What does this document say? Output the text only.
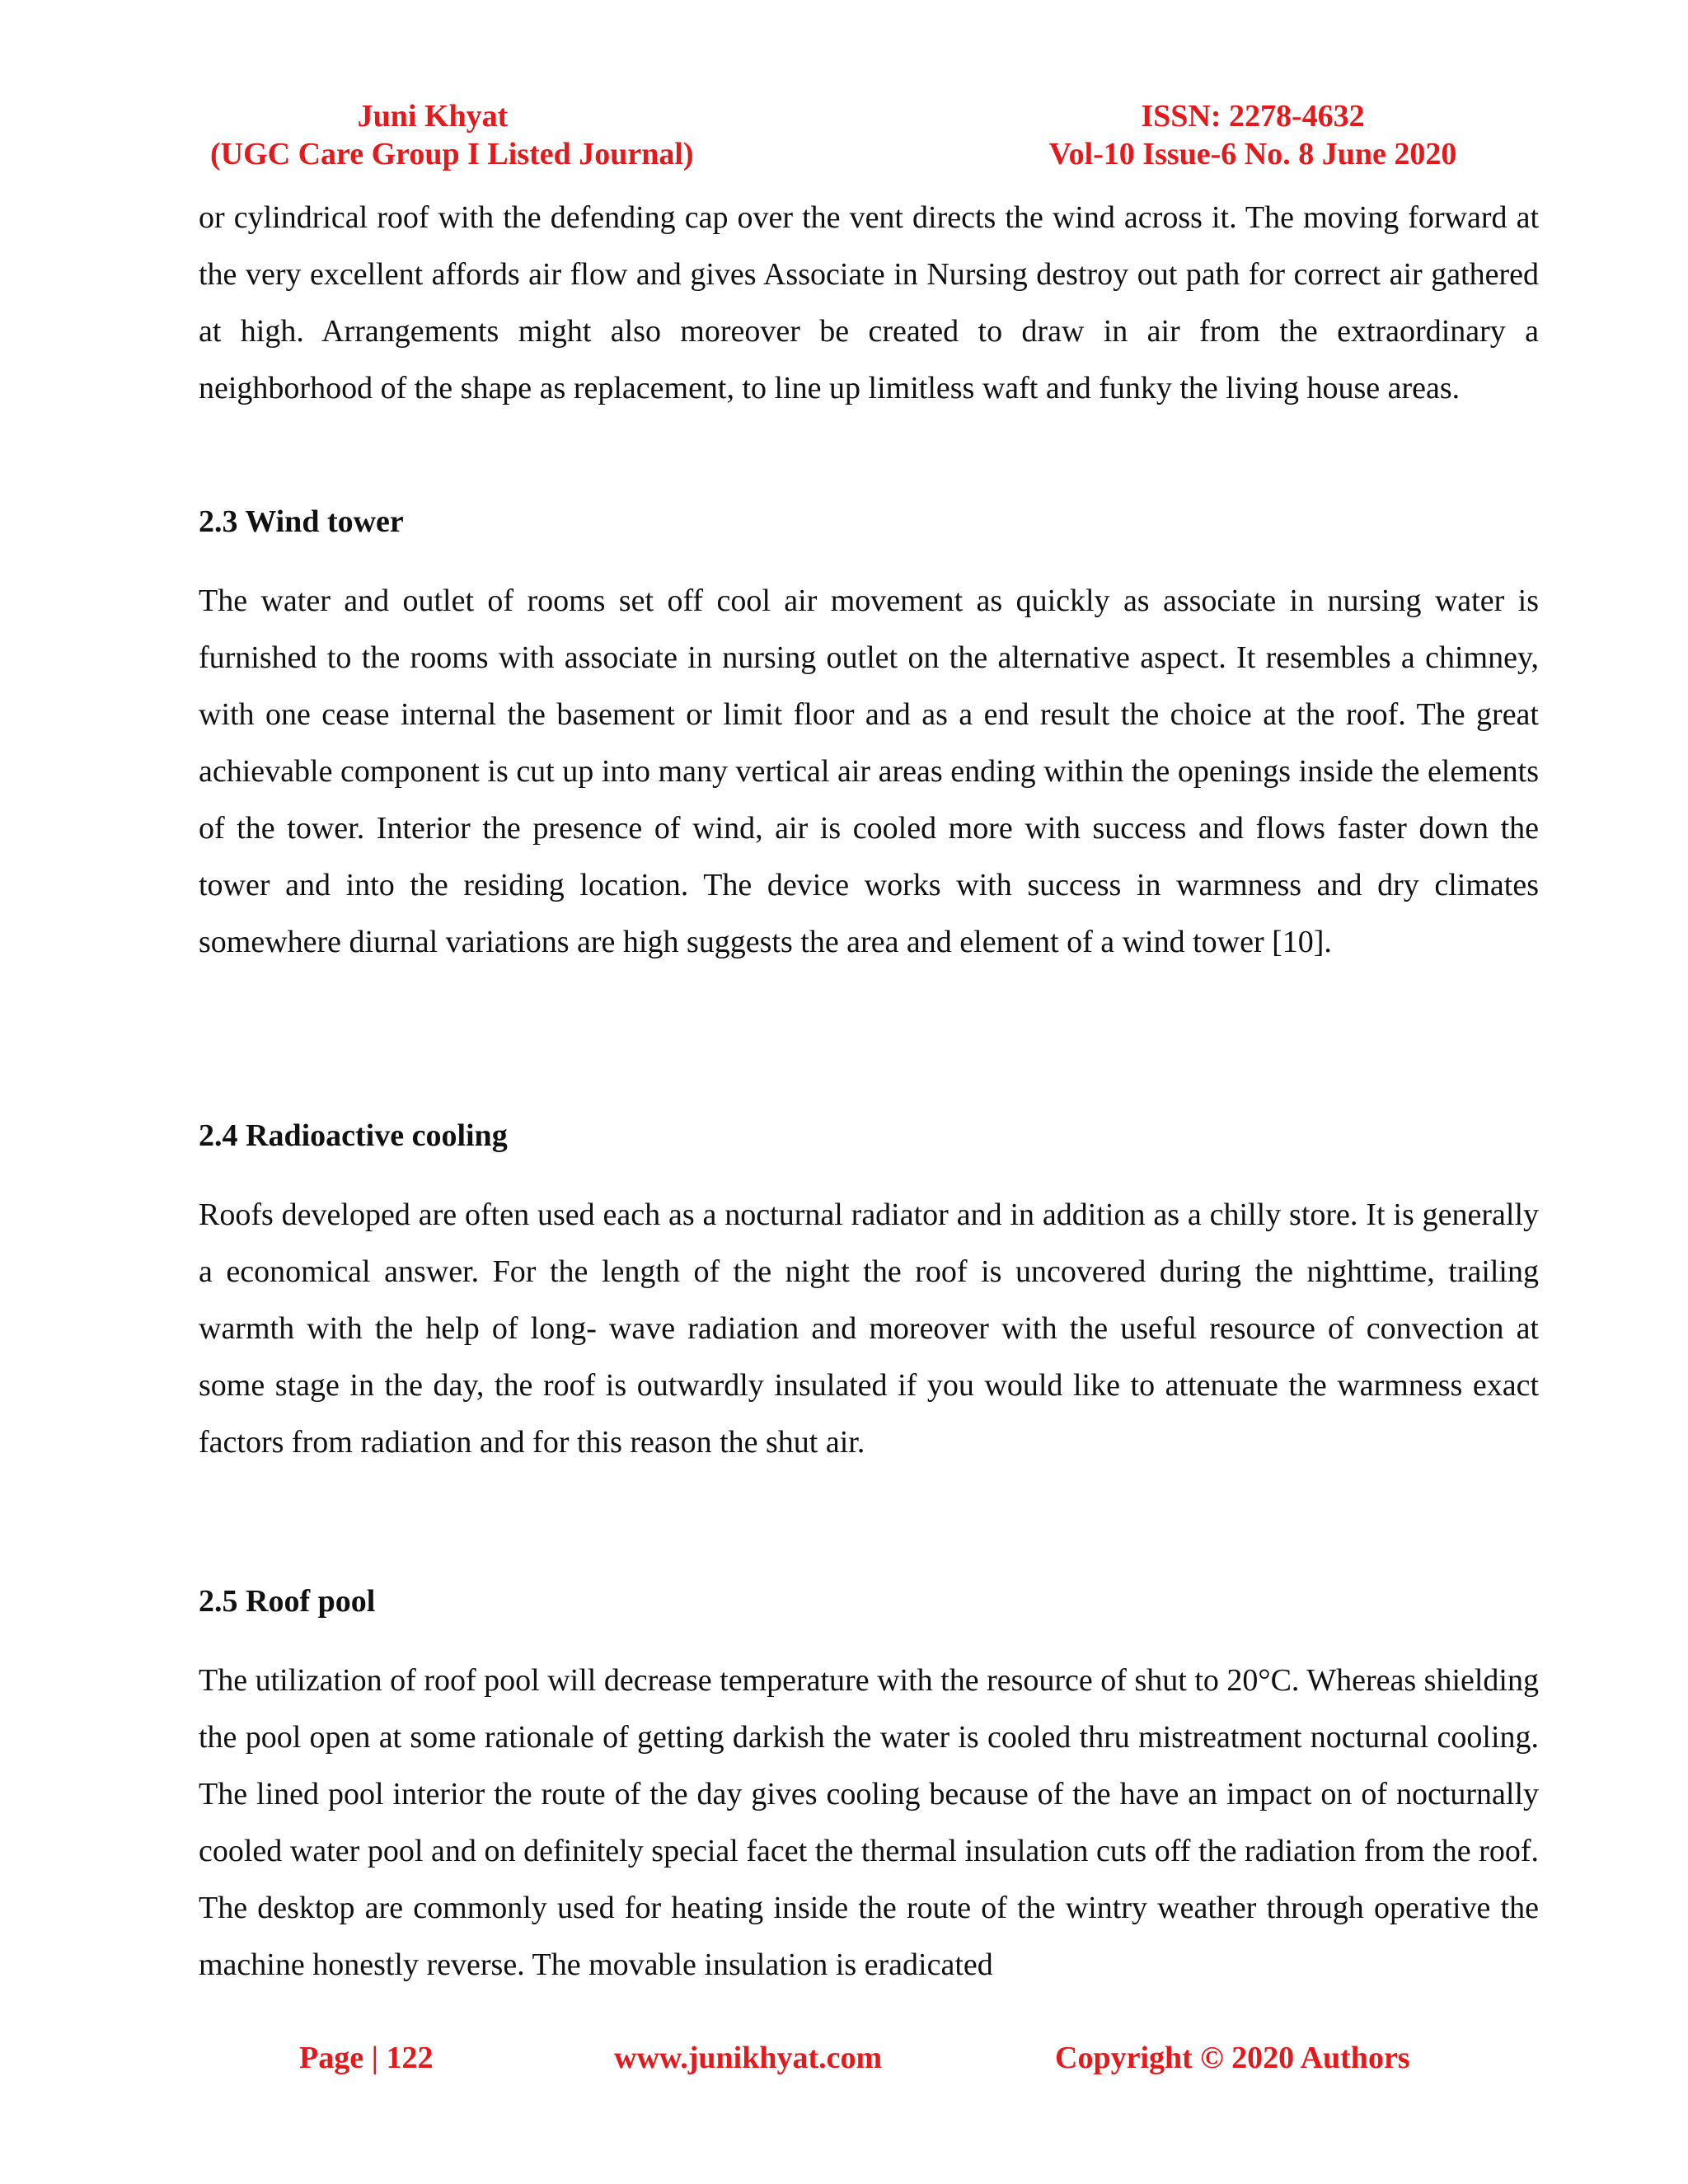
Juni Khyat
(UGC Care Group I Listed Journal)
ISSN: 2278-4632
Vol-10 Issue-6 No. 8 June 2020

or cylindrical roof with the defending cap over the vent directs the wind across it. The moving forward at the very excellent affords air flow and gives Associate in Nursing destroy out path for correct air gathered at high. Arrangements might also moreover be created to draw in air from the extraordinary a neighborhood of the shape as replacement, to line up limitless waft and funky the living house areas.

2.3 Wind tower

The water and outlet of rooms set off cool air movement as quickly as associate in nursing water is furnished to the rooms with associate in nursing outlet on the alternative aspect. It resembles a chimney, with one cease internal the basement or limit floor and as a end result the choice at the roof. The great achievable component is cut up into many vertical air areas ending within the openings inside the elements of the tower. Interior the presence of wind, air is cooled more with success and flows faster down the tower and into the residing location. The device works with success in warmness and dry climates somewhere diurnal variations are high suggests the area and element of a wind tower [10].

2.4 Radioactive cooling

Roofs developed are often used each as a nocturnal radiator and in addition as a chilly store. It is generally a economical answer. For the length of the night the roof is uncovered during the nighttime, trailing warmth with the help of long- wave radiation and moreover with the useful resource of convection at some stage in the day, the roof is outwardly insulated if you would like to attenuate the warmness exact factors from radiation and for this reason the shut air.

2.5 Roof pool

The utilization of roof pool will decrease temperature with the resource of shut to 20°C. Whereas shielding the pool open at some rationale of getting darkish the water is cooled thru mistreatment nocturnal cooling. The lined pool interior the route of the day gives cooling because of the have an impact on of nocturnally cooled water pool and on definitely special facet the thermal insulation cuts off the radiation from the roof. The desktop are commonly used for heating inside the route of the wintry weather through operative the machine honestly reverse. The movable insulation is eradicated

Page | 122	www.junikhyat.com	Copyright © 2020 Authors
